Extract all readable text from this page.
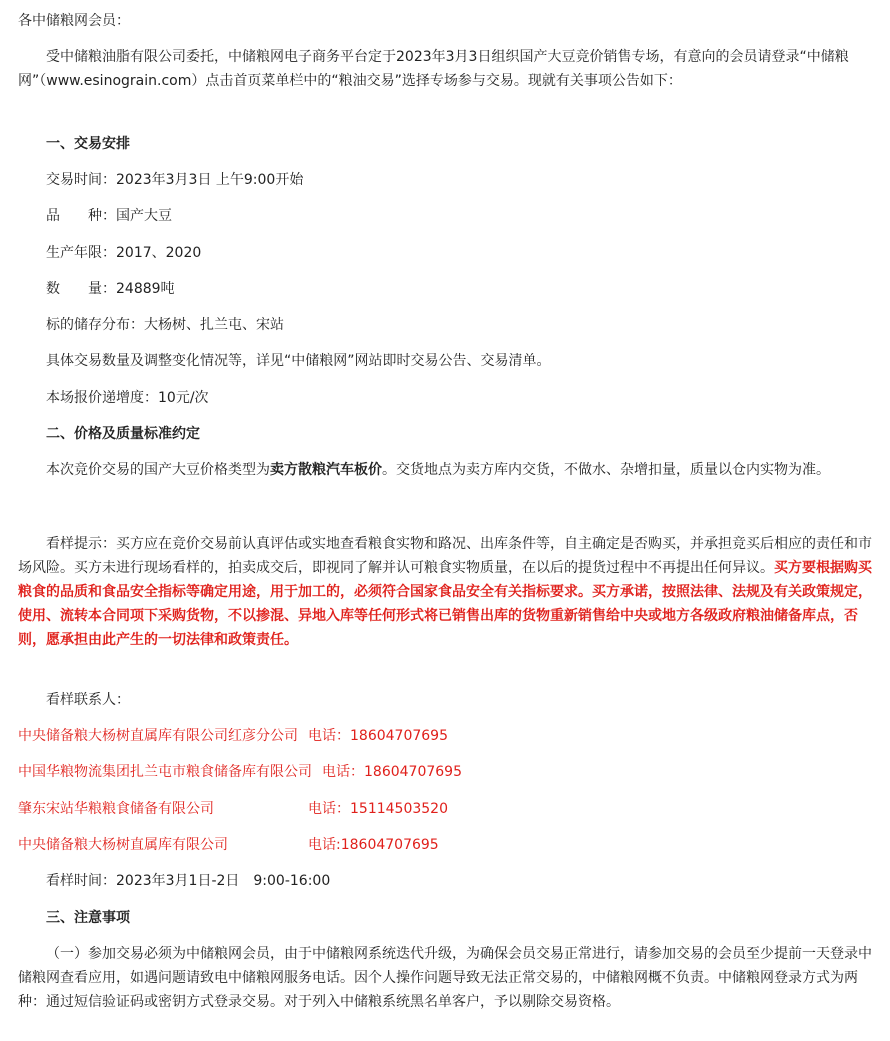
各中储粮网会员：

受中储粮油脂有限公司委托，中储粮网电子商务平台定于2023年3月3日组织国产大豆竞价销售专场，有意向的会员请登录“中储粮网”（www.esinograin.com）点击首页菜单栏中的“粮油交易”选择专场参与交易。现就有关事项公告如下：

一、交易安排

交易时间：2023年3月3日 上午9:00开始

品　　种：国产大豆

生产年限：2017、2020

数　　量：24889吨

标的储存分布：大杨树、扎兰屯、宋站

具体交易数量及调整变化情况等，详见“中储粮网”网站即时交易公告、交易清单。

本场报价递增度：10元/次

二、价格及质量标准约定

本次竞价交易的国产大豆价格类型为卖方散粮汽车板价。交货地点为卖方库内交货，不做水、杂增扣量，质量以仓内实物为准。

看样提示：买方应在竞价交易前认真评估或实地查看粮食实物和路况、出库条件等，自主确定是否购买，并承担竞买后相应的责任和市场风险。买方未进行现场看样的，拍卖成交后，即视同了解并认可粮食实物质量，在以后的提货过程中不再提出任何异议。买方要根据购买粮食的品质和食品安全指标等确定用途，用于加工的，必须符合国家食品安全有关指标要求。买方承诺，按照法律、法规及有关政策规定，使用、流转本合同项下采购货物，不以掺混、异地入库等任何形式将已销售出库的货物重新销售给中央或地方各级政府粮油储备库点，否则，愿承担由此产生的一切法律和政策责任。

看样联系人：

中央储备粮大杨树直属库有限公司红彦分公司 电话：18604707695

中国华粮物流集团扎兰屯市粮食储备库有限公司 电话：18604707695

肇东宋站华粮粮食储备有限公司	电话：15114503520

中央储备粮大杨树直属库有限公司	电话:18604707695

看样时间：2023年3月1日-2日　9:00-16:00

三、注意事项

（一）参加交易必须为中储粮网会员，由于中储粮网系统迭代升级，为确保会员交易正常进行，请参加交易的会员至少提前一天登录中储粮网查看应用，如遇问题请致电中储粮网服务电话。因个人操作问题导致无法正常交易的，中储粮网概不负责。中储粮网登录方式为两种：通过短信验证码或密钥方式登录交易。对于列入中储粮系统黑名单客户，予以剔除交易资格。
